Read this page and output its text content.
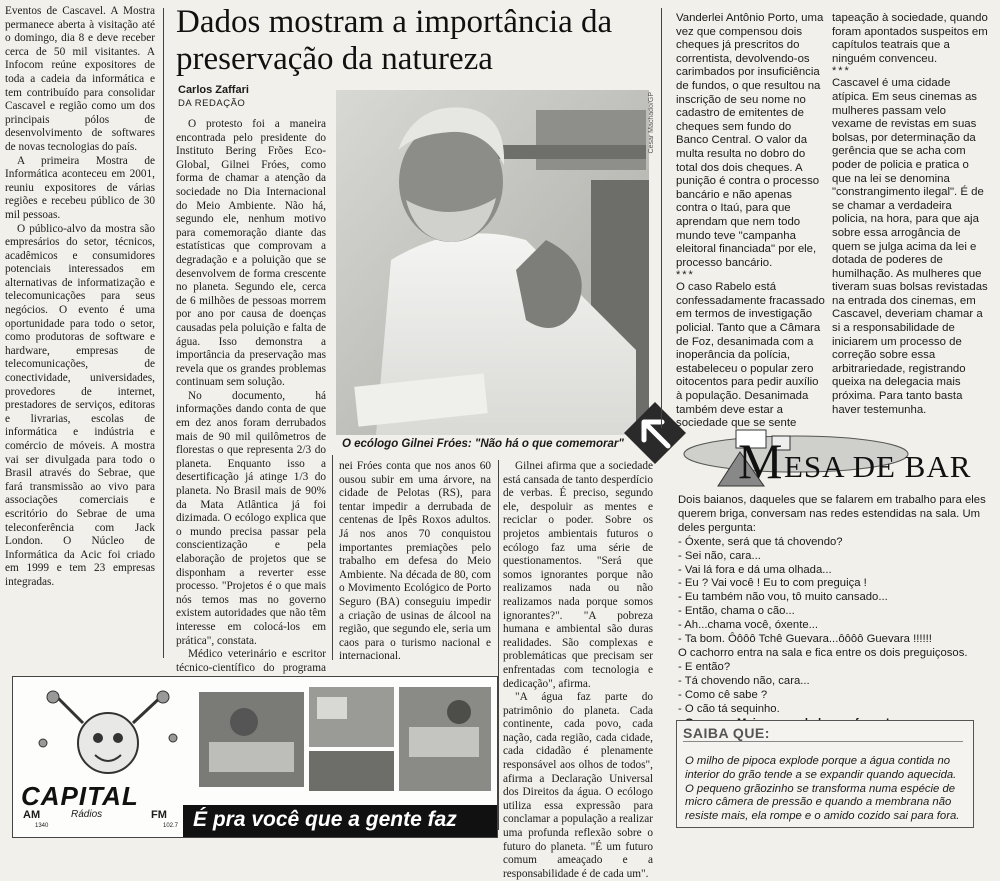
Eventos de Cascavel. A Mostra permanece aberta à visitação até o domingo, dia 8 e deve receber cerca de 50 mil visitantes. A Infocom reúne expositores de toda a cadeia da informática e tem contribuído para consolidar Cascavel e região como um dos principais pólos de desenvolvimento de softwares de novas tecnologias do país.

A primeira Mostra de Informática aconteceu em 2001, reuniu expositores de várias regiões e recebeu público de 30 mil pessoas.

O público-alvo da mostra são empresários do setor, técnicos, acadêmicos e consumidores potenciais interessados em alternativas de informatização e telecomunicações para seus negócios. O evento é uma oportunidade para todo o setor, como produtoras de software e hardware, empresas de telecomunicações, de conectividade, universidades, provedores de internet, prestadores de serviços, editoras e livrarias, escolas de informática e indústria e comércio de móveis. A mostra vai ser divulgada para todo o Brasil através do Sebrae, que fará transmissão ao vivo para associações comerciais e escritório do Sebrae de uma teleconferência com Jack London. O Núcleo de Informática da Acic foi criado em 1999 e tem 23 empresas integradas.

Dados mostram a importância da preservação da natureza
Carlos Zaffari
DA REDAÇÃO

O protesto foi a maneira encontrada pelo presidente do Instituto Bering Frões Eco-Global, Gilnei Fróes, como forma de chamar a atenção da sociedade no Dia Internacional do Meio Ambiente. Não há, segundo ele, nenhum motivo para comemoração diante das estatísticas que comprovam a degradação e a poluição que se desenvolvem de forma crescente no planeta. Segundo ele, cerca de 6 milhões de pessoas morrem por ano por causa de doenças causadas pela poluição e falta de água. Isso demonstra a importância da preservação mas revela que os grandes problemas continuam sem solução.

No documento, há informações dando conta de que em dez anos foram derrubados mais de 90 mil quilômetros de florestas o que representa 2/3 do planeta. Enquanto isso a desertificação já atinge 1/3 do planeta. No Brasil mais de 90% da Mata Atlântica já foi dizimada. O ecólogo explica que o mundo precisa passar pela conscientização e pela elaboração de projetos que se disponham a reverter esse processo. "Projetos é o que mais nós temos mas no governo existem autoridades que não têm interesse em colocá-los em prática", constata.

Médico veterinário e escritor técnico-científico do programa

Cesar Machado/GP
O ecólogo Gilnei Fróes: "Não há o que comemorar"

nei Fróes conta que nos anos 60 ousou subir em uma árvore, na cidade de Pelotas (RS), para tentar impedir a derrubada de centenas de Ipês Roxos adultos. Já nos anos 70 conquistou importantes premiações pelo trabalho em defesa do Meio Ambiente. Na década de 80, com o Movimento Ecológico de Porto Seguro (BA) conseguiu impedir a criação de usinas de álcool na região, que segundo ele, seria um caos para o turismo nacional e internacional.

Gilnei afirma que a sociedade está cansada de tanto desperdício de verbas. É preciso, segundo ele, despoluir as mentes e reciclar o poder. Sobre os projetos ambientais futuros o ecólogo faz uma série de questionamentos. "Será que somos ignorantes porque não realizamos nada ou não realizamos nada porque somos ignorantes?". "A pobreza humana e ambiental são duras realidades. São complexas e problemáticas que precisam ser enfrentadas com tecnologia e dedicação", afirma.

"A água faz parte do patrimônio do planeta. Cada continente, cada povo, cada nação, cada região, cada cidade, cada cidadão é plenamente responsável aos olhos de todos", afirma a Declaração Universal dos Direitos da água. O ecólogo utiliza essa expressão para conclamar a população a realizar uma profunda reflexão sobre o futuro do planeta. "É um futuro comum ameaçado e a responsabilidade é de cada um".

Vanderlei Antônio Porto, uma vez que compensou dois cheques já prescritos do correntista, devolvendo-os carimbados por insuficiência de fundos, o que resultou na inscrição de seu nome no cadastro de emitentes de cheques sem fundo do Banco Central. O valor da multa resulta no dobro do total dos dois cheques. A punição é contra o processo bancário e não apenas contra o Itaú, para que aprendam que nem todo mundo teve "campanha eleitoral financiada" por ele, processo bancário.

***

O caso Rabelo está confessadamente fracassado em termos de investigação policial. Tanto que a Câmara de Foz, desanimada com a inoperância da polícia, estabeleceu o popular zero oitocentos para pedir auxílio à população. Desanimada também deve estar a sociedade que se sente

tapeação à sociedade, quando foram apontados suspeitos em capítulos teatrais que a ninguém convenceu.

***

Cascavel é uma cidade atípica. Em seus cinemas as mulheres passam velo vexame de revistas em suas bolsas, por determinação da gerência que se acha com poder de policia e pratica o que na lei se denomina "constrangimento ilegal". É de se chamar a verdadeira policia, na hora, para que aja sobre essa arrogância de quem se julga acima da lei e dotada de poderes de humilhação. As mulheres que tiveram suas bolsas revistadas na entrada dos cinemas, em Cascavel, deveriam chamar a si a responsabilidade de iniciarem um processo de correção sobre essa arbitrariedade, registrando queixa na delegacia mais próxima. Para tanto basta haver testemunha.

M ESA DE BAR

Dois baianos, daqueles que se falarem em trabalho para eles querem briga, conversam nas redes estendidas na sala. Um deles pergunta:

- Óxente, será que tá chovendo?
- Sei não, cara...
- Vai lá fora e dá uma olhada...
- Eu ? Vai você ! Eu to com preguiça !
- Eu também não vou, tô muito cansado...
- Então, chama o cão...
- Ah...chama você, óxente...
- Ta bom. Ôôôô Tchê Guevara...ôôôô Guevara !!!!!!
O cachorro entra na sala e fica entre os dois preguiçosos.
- E então?
- Tá chovendo não, cara...
- Como cê sabe ?
- O cão tá sequinho.

SAIBA QUE:
O milho de pipoca explode porque a água contida no interior do grão tende a se expandir quando aquecida.
O pequeno grãozinho se transforma numa espécie de micro câmera de pressão e quando a membrana não resiste mais, ela rompe e o amido cozido sai para fora.
CAPITAL
AM	Rádios	FM
1340	102.7 É pra você que a gente faz
